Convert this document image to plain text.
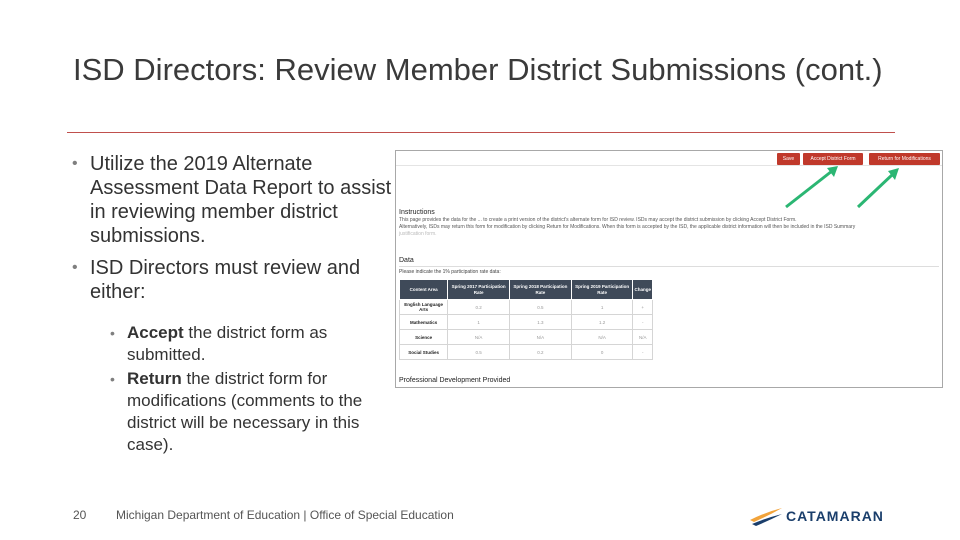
ISD Directors: Review Member District Submissions (cont.)
• Utilize the 2019 Alternate Assessment Data Report to assist in reviewing member district submissions.
• ISD Directors must review and either:
• Accept the district form as submitted.
• Return the district form for modifications (comments to the district will be necessary in this case).
Save	Accept District Form	Return for Modifications
Instructions
This page provides the data for the ... to create a print version of the district's alternate form for ISD review. ISDs may accept the district submission by clicking Accept District Form.
Alternatively, ISDs may return this form for modification by clicking Return for Modifications. When this form is accepted by the ISD, the applicable district information will then be included in the ISD Summary
justification form.
Data
Please indicate the 1% participation rate data:
Content Area	Spring 2017 Participation Rate	Spring 2018 Participation Rate	Spring 2019 Participation Rate	Change
English Language Arts	0.2	0.5	1	+
Mathematics	1	1.3	1.2	-
Science	N/A	N/A	N/A	N/A
Social Studies	0.5	0.2	0	-
Professional Development Provided
20 Michigan Department of Education | Office of Special Education	CATAMARAN
